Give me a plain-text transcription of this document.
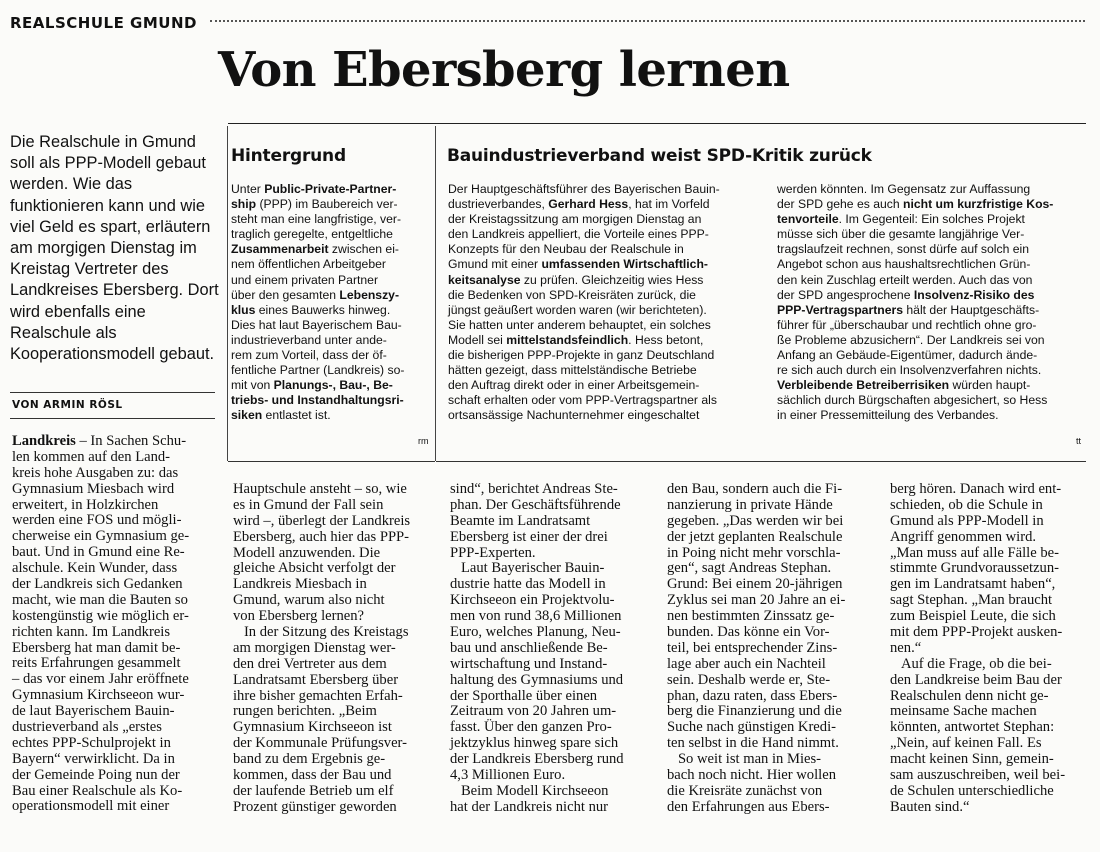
REALSCHULE GMUND
Von Ebersberg lernen
Die Realschule in Gmund soll als PPP-Modell gebaut werden. Wie das funktionieren kann und wie viel Geld es spart, erläutern am morgigen Dienstag im Kreistag Vertreter des Landkreises Ebersberg. Dort wird ebenfalls eine Realschule als Kooperationsmodell gebaut.
VON ARMIN RÖSL
Hintergrund
Unter Public-Private-Partner-
ship (PPP) im Baubereich ver-
steht man eine langfristige, ver-
traglich geregelte, entgeltliche
Zusammenarbeit zwischen ei-
nem öffentlichen Arbeitgeber
und einem privaten Partner
über den gesamten Lebenszy-
klus eines Bauwerks hinweg.
Dies hat laut Bayerischem Bau-
industrieverband unter ande-
rem zum Vorteil, dass der öf-
fentliche Partner (Landkreis) so-
mit von Planungs-, Bau-, Be-
triebs- und Instandhaltungsri-
siken entlastet ist.
rm
Bauindustrieverband weist SPD-Kritik zurück
Der Hauptgeschäftsführer des Bayerischen Bauin-
dustrieverbandes, Gerhard Hess, hat im Vorfeld
der Kreistagssitzung am morgigen Dienstag an
den Landkreis appelliert, die Vorteile eines PPP-
Konzepts für den Neubau der Realschule in
Gmund mit einer umfassenden Wirtschaftlich-
keitsanalyse zu prüfen. Gleichzeitig wies Hess
die Bedenken von SPD-Kreisräten zurück, die
jüngst geäußert worden waren (wir berichteten).
Sie hatten unter anderem behauptet, ein solches
Modell sei mittelstandsfeindlich. Hess betont,
die bisherigen PPP-Projekte in ganz Deutschland
hätten gezeigt, dass mittelständische Betriebe
den Auftrag direkt oder in einer Arbeitsgemein-
schaft erhalten oder vom PPP-Vertragspartner als
ortsansässige Nachunternehmer eingeschaltet
werden könnten. Im Gegensatz zur Auffassung
der SPD gehe es auch nicht um kurzfristige Kos-
tenvorteile. Im Gegenteil: Ein solches Projekt
müsse sich über die gesamte langjährige Ver-
tragslaufzeit rechnen, sonst dürfe auf solch ein
Angebot schon aus haushaltsrechtlichen Grün-
den kein Zuschlag erteilt werden. Auch das von
der SPD angesprochene Insolvenz-Risiko des
PPP-Vertragspartners hält der Hauptgeschäfts-
führer für „überschaubar und rechtlich ohne gro-
ße Probleme abzusichern“. Der Landkreis sei von
Anfang an Gebäude-Eigentümer, dadurch ände-
re sich auch durch ein Insolvenzverfahren nichts.
Verbleibende Betreiberrisiken würden haupt-
sächlich durch Bürgschaften abgesichert, so Hess
in einer Pressemitteilung des Verbandes.
tt
Landkreis – In Sachen Schu-
len kommen auf den Land-
kreis hohe Ausgaben zu: das
Gymnasium Miesbach wird
erweitert, in Holzkirchen
werden eine FOS und mögli-
cherweise ein Gymnasium ge-
baut. Und in Gmund eine Re-
alschule. Kein Wunder, dass
der Landkreis sich Gedanken
macht, wie man die Bauten so
kostengünstig wie möglich er-
richten kann. Im Landkreis
Ebersberg hat man damit be-
reits Erfahrungen gesammelt
– das vor einem Jahr eröffnete
Gymnasium Kirchseeon wur-
de laut Bayerischem Bauin-
dustrieverband als „erstes
echtes PPP-Schulprojekt in
Bayern“ verwirklicht. Da in
der Gemeinde Poing nun der
Bau einer Realschule als Ko-
operationsmodell mit einer
Hauptschule ansteht – so, wie
es in Gmund der Fall sein
wird –, überlegt der Landkreis
Ebersberg, auch hier das PPP-
Modell anzuwenden. Die
gleiche Absicht verfolgt der
Landkreis Miesbach in
Gmund, warum also nicht
von Ebersberg lernen?
In der Sitzung des Kreistags
am morgigen Dienstag wer-
den drei Vertreter aus dem
Landratsamt Ebersberg über
ihre bisher gemachten Erfah-
rungen berichten. „Beim
Gymnasium Kirchseeon ist
der Kommunale Prüfungsver-
band zu dem Ergebnis ge-
kommen, dass der Bau und
der laufende Betrieb um elf
Prozent günstiger geworden
sind“, berichtet Andreas Ste-
phan. Der Geschäftsführende
Beamte im Landratsamt
Ebersberg ist einer der drei
PPP-Experten.
Laut Bayerischer Bauin-
dustrie hatte das Modell in
Kirchseeon ein Projektvolu-
men von rund 38,6 Millionen
Euro, welches Planung, Neu-
bau und anschließende Be-
wirtschaftung und Instand-
haltung des Gymnasiums und
der Sporthalle über einen
Zeitraum von 20 Jahren um-
fasst. Über den ganzen Pro-
jektzyklus hinweg spare sich
der Landkreis Ebersberg rund
4,3 Millionen Euro.
Beim Modell Kirchseeon
hat der Landkreis nicht nur
den Bau, sondern auch die Fi-
nanzierung in private Hände
gegeben. „Das werden wir bei
der jetzt geplanten Realschule
in Poing nicht mehr vorschla-
gen“, sagt Andreas Stephan.
Grund: Bei einem 20-jährigen
Zyklus sei man 20 Jahre an ei-
nen bestimmten Zinssatz ge-
bunden. Das könne ein Vor-
teil, bei entsprechender Zins-
lage aber auch ein Nachteil
sein. Deshalb werde er, Ste-
phan, dazu raten, dass Ebers-
berg die Finanzierung und die
Suche nach günstigen Kredi-
ten selbst in die Hand nimmt.
So weit ist man in Mies-
bach noch nicht. Hier wollen
die Kreisräte zunächst von
den Erfahrungen aus Ebers-
berg hören. Danach wird ent-
schieden, ob die Schule in
Gmund als PPP-Modell in
Angriff genommen wird.
„Man muss auf alle Fälle be-
stimmte Grundvoraussetzun-
gen im Landratsamt haben“,
sagt Stephan. „Man braucht
zum Beispiel Leute, die sich
mit dem PPP-Projekt ausken-
nen.“
Auf die Frage, ob die bei-
den Landkreise beim Bau der
Realschulen denn nicht ge-
meinsame Sache machen
könnten, antwortet Stephan:
„Nein, auf keinen Fall. Es
macht keinen Sinn, gemein-
sam auszuschreiben, weil bei-
de Schulen unterschiedliche
Bauten sind.“
